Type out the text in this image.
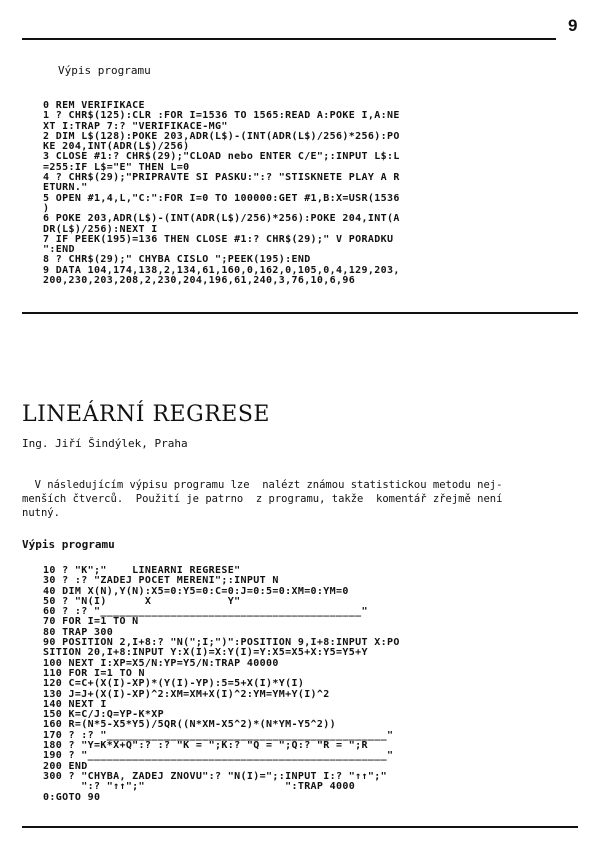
9
Výpis programu
0 REM VERIFIKACE
1 ? CHR$(125):CLR :FOR I=1536 TO 1565:READ A:POKE I,A:NE
XT I:TRAP 7:? "VERIFIKACE-MG"
2 DIM L$(128):POKE 203,ADR(L$)-(INT(ADR(L$)/256)*256):PO
KE 204,INT(ADR(L$)/256)
3 CLOSE #1:? CHR$(29);"CLOAD nebo ENTER C/E";:INPUT L$:L
=255:IF L$="E" THEN L=0
4 ? CHR$(29);"PRIPRAVTE SI PASKU:":? "STISKNETE PLAY A R
ETURN."
5 OPEN #1,4,L,"C:":FOR I=0 TO 100000:GET #1,B:X=USR(1536
)
6 POKE 203,ADR(L$)-(INT(ADR(L$)/256)*256):POKE 204,INT(A
DR(L$)/256):NEXT I
7 IF PEEK(195)=136 THEN CLOSE #1:? CHR$(29);" V PORADKU
":END
8 ? CHR$(29);" CHYBA CISLO ";PEEK(195):END
9 DATA 104,174,138,2,134,61,160,0,162,0,105,0,4,129,203,
200,230,203,208,2,230,204,196,61,240,3,76,10,6,96
LINEÁRNÍ REGRESE
Ing. Jiří Šindýlek, Praha
V následujícím výpisu programu lze  nalézt známou statistickou metodu nej-
menších čtverců.  Použití je patrno  z programu, takže  komentář zřejmě není
nutný.
Výpis programu
10 ? "K";"    LINEARNI REGRESE"
30 ? :? "ZADEJ POCET MERENI";:INPUT N
40 DIM X(N),Y(N):X5=0:Y5=0:C=0:J=0:5=0:XM=0:YM=0
50 ? "N(I)      X            Y"
60 ? :? "_________________________________________"
70 FOR I=1 TO N
80 TRAP 300
90 POSITION 2,I+8:? "N(";I;")":POSITION 9,I+8:INPUT X:PO
SITION 20,I+8:INPUT Y:X(I)=X:Y(I)=Y:X5=X5+X:Y5=Y5+Y
100 NEXT I:XP=X5/N:YP=Y5/N:TRAP 40000
110 FOR I=1 TO N
120 C=C+(X(I)-XP)*(Y(I)-YP):5=5+X(I)*Y(I)
130 J=J+(X(I)-XP)^2:XM=XM+X(I)^2:YM=YM+Y(I)^2
140 NEXT I
150 K=C/J:Q=YP-K*XP
160 R=(N*5-X5*Y5)/5QR((N*XM-X5^2)*(N*YM-Y5^2))
170 ? :? "____________________________________________"
180 ? "Y=K*X+Q":? :? "K = ";K:? "Q = ";Q:? "R = ";R
190 ? "_______________________________________________"
200 END
300 ? "CHYBA, ZADEJ ZNOVU":? "N(I)=";:INPUT I:? "↑↑";"
":? "↑↑";"                      ":TRAP 4000
0:GOTO 90
